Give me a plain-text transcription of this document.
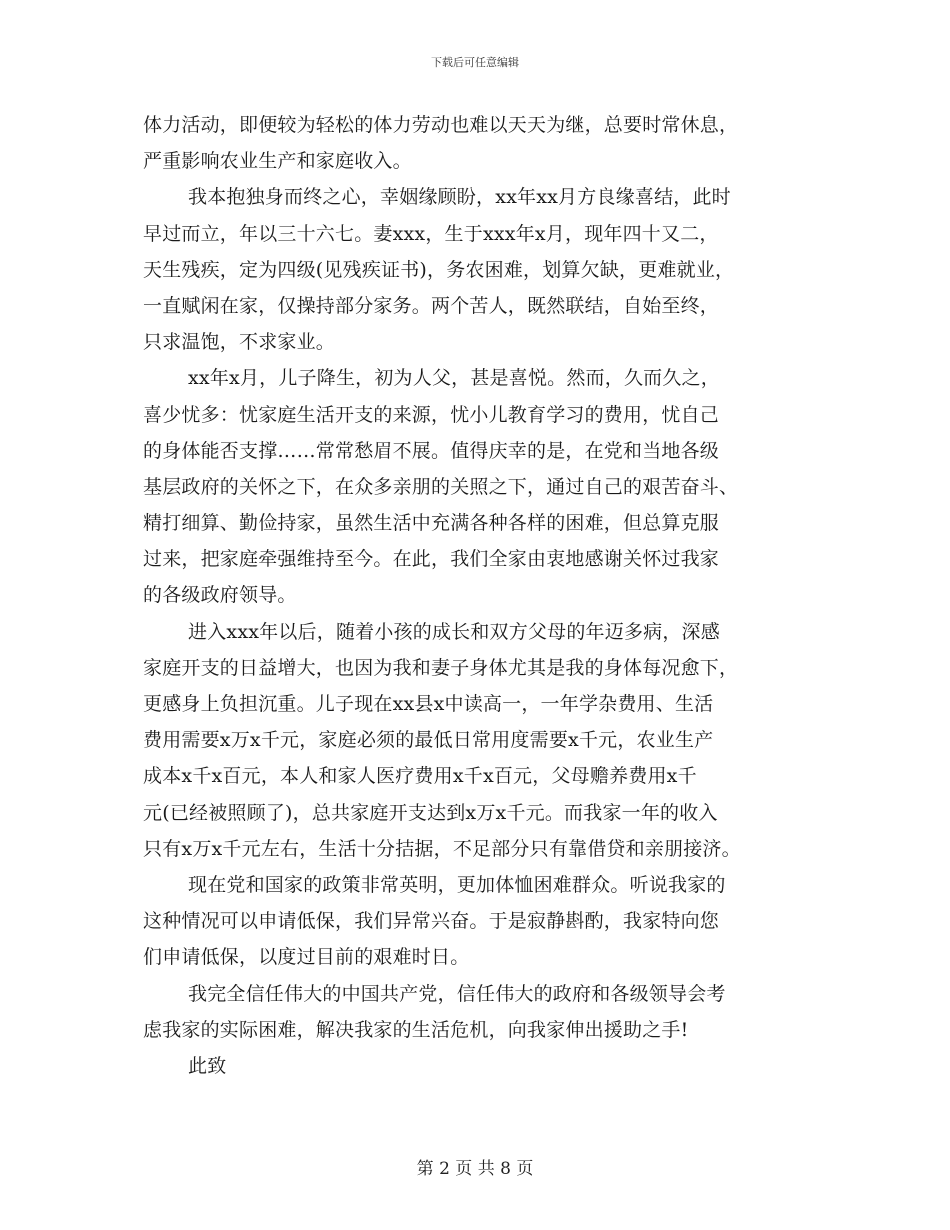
下载后可任意编辑
体力活动，即便较为轻松的体力劳动也难以天天为继，总要时常休息，
严重影响农业生产和家庭收入。
我本抱独身而终之心，幸姻缘顾盼，xx年xx月方良缘喜结，此时
早过而立，年以三十六七。妻xxx，生于xxx年x月，现年四十又二，
天生残疾，定为四级(见残疾证书)，务农困难，划算欠缺，更难就业，
一直赋闲在家，仅操持部分家务。两个苦人，既然联结，自始至终，
只求温饱，不求家业。
xx年x月，儿子降生，初为人父，甚是喜悦。然而，久而久之，
喜少忧多：忧家庭生活开支的来源，忧小儿教育学习的费用，忧自己
的身体能否支撑……常常愁眉不展。值得庆幸的是，在党和当地各级
基层政府的关怀之下，在众多亲朋的关照之下，通过自己的艰苦奋斗、
精打细算、勤俭持家，虽然生活中充满各种各样的困难，但总算克服
过来，把家庭牵强维持至今。在此，我们全家由衷地感谢关怀过我家
的各级政府领导。
进入xxx年以后，随着小孩的成长和双方父母的年迈多病，深感
家庭开支的日益增大，也因为我和妻子身体尤其是我的身体每况愈下，
更感身上负担沉重。儿子现在xx县x中读高一，一年学杂费用、生活
费用需要x万x千元，家庭必须的最低日常用度需要x千元，农业生产
成本x千x百元，本人和家人医疗费用x千x百元，父母赡养费用x千
元(已经被照顾了)，总共家庭开支达到x万x千元。而我家一年的收入
只有x万x千元左右，生活十分拮据，不足部分只有靠借贷和亲朋接济。
现在党和国家的政策非常英明，更加体恤困难群众。听说我家的
这种情况可以申请低保，我们异常兴奋。于是寂静斟酌，我家特向您
们申请低保，以度过目前的艰难时日。
我完全信任伟大的中国共产党，信任伟大的政府和各级领导会考
虑我家的实际困难，解决我家的生活危机，向我家伸出援助之手!
此致
第 2 页 共 8 页
